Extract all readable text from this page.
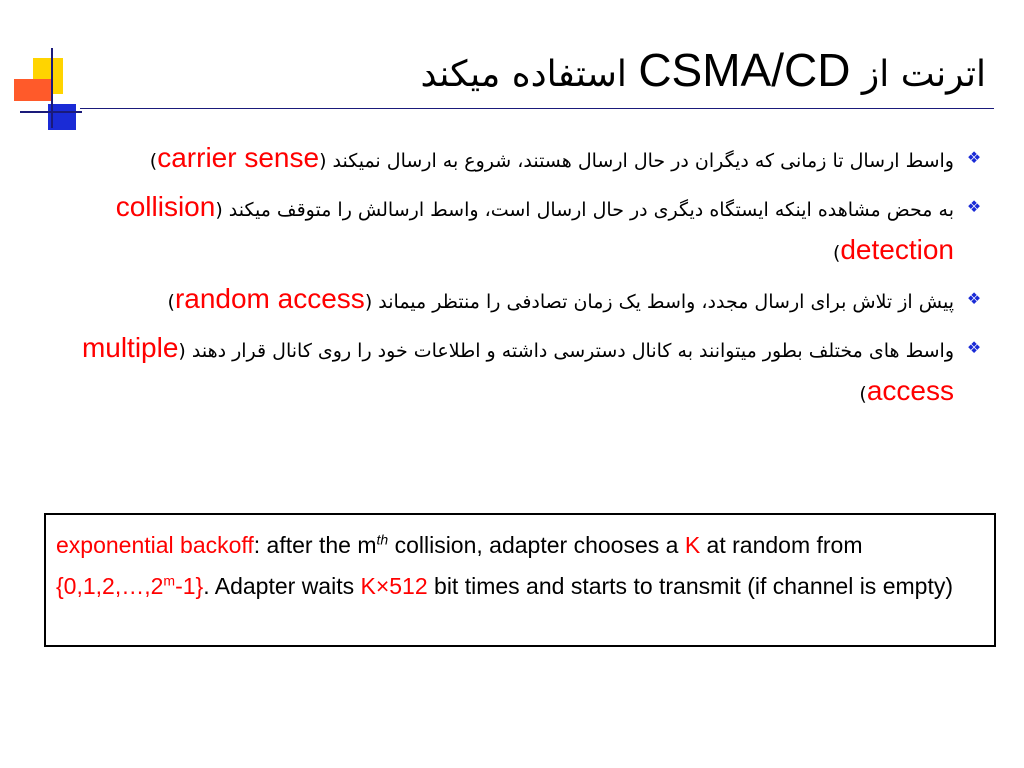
اترنت از CSMA/CD استفاده میکند
❖
واسط ارسال تا زمانی که دیگران در حال ارسال هستند، شروع به ارسال نمیکند (carrier sense)
❖
به محض مشاهده اینکه ایستگاه دیگری در حال ارسال است، واسط ارسالش را متوقف میکند (collision detection)
❖
پیش از تلاش برای ارسال مجدد، واسط یک زمان تصادفی را منتظر میماند (random access)
❖
واسط های مختلف بطور میتوانند به کانال دسترسی داشته و اطلاعات خود را روی کانال قرار دهند (multiple access)
exponential backoff: after the $m^{th}$ collision, adapter chooses a K at random from {0,1,2,…,2$^m$-1}. Adapter waits K×512 bit times and starts to transmit (if channel is empty)
